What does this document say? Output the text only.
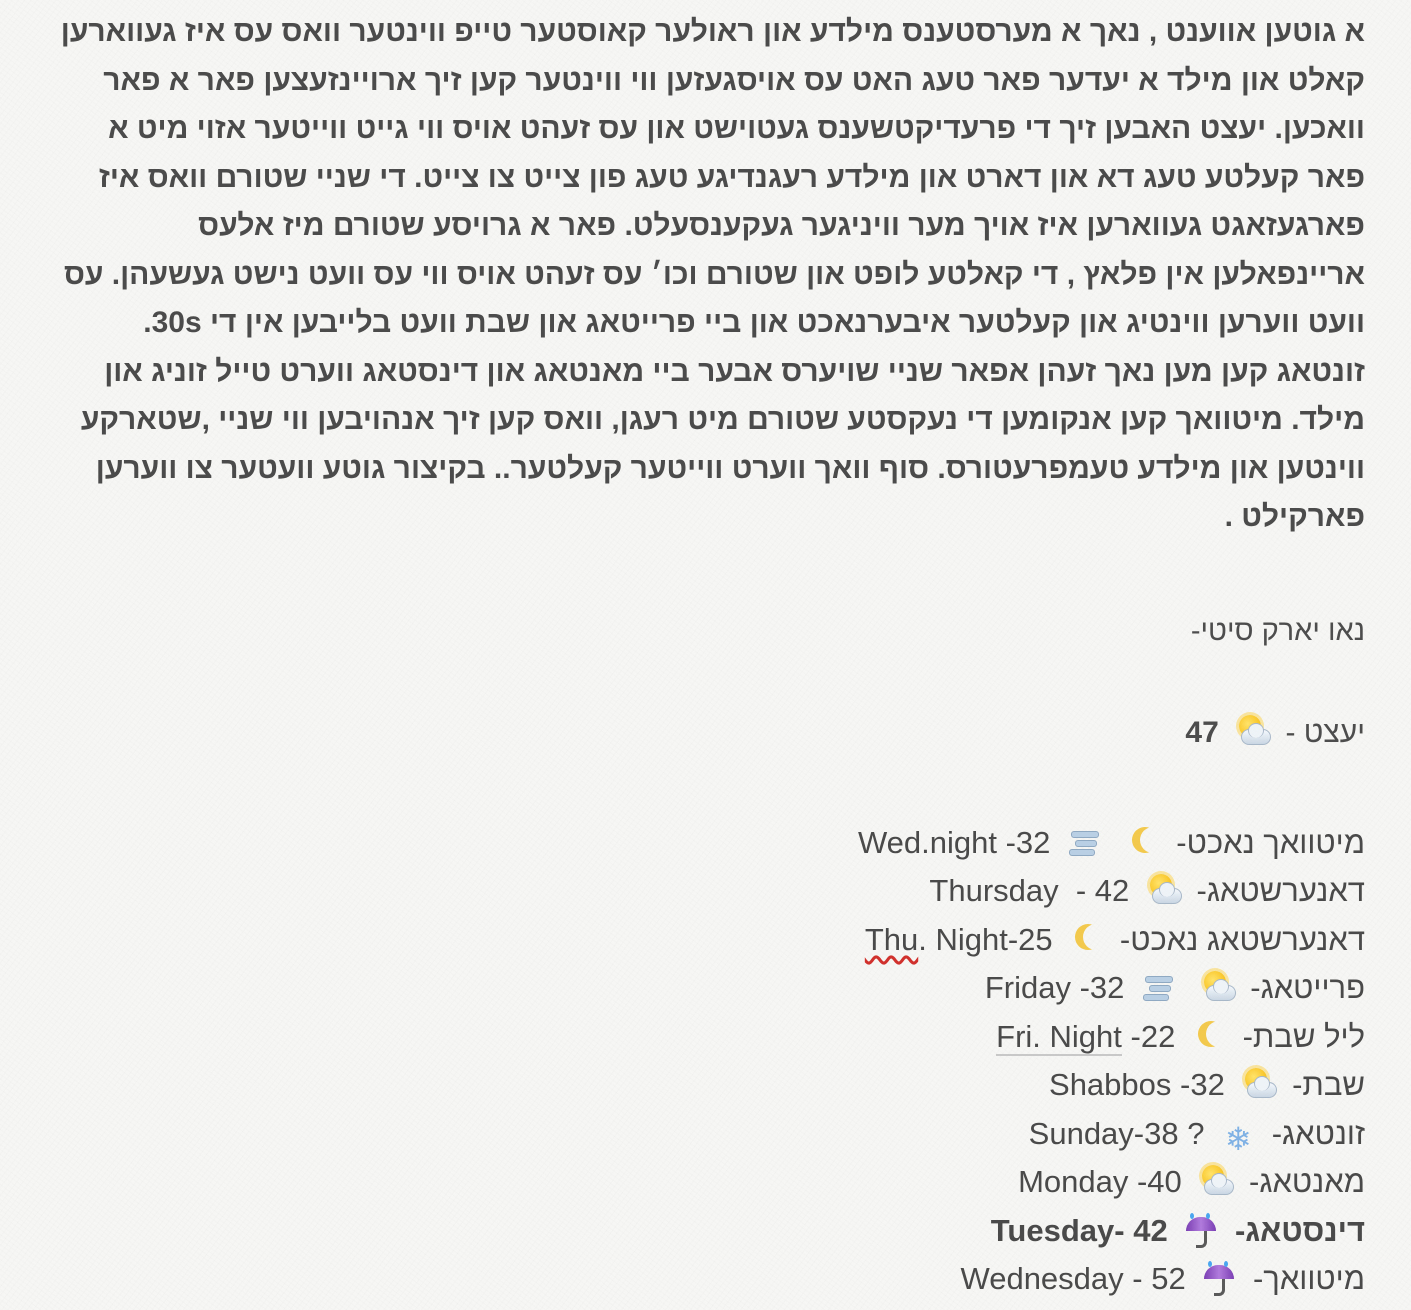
א גוטען אווענט , נאך א מערסטענס מילדע און ראולער קאוסטער טייפ ווינטער וואס עס איז געווארען
קאלט און מילד א יעדער פאר טעג האט עס אויסגעזען ווי ווינטער קען זיך ארויינזעצען פאר א פאר
וואכען. יעצט האבען זיך די פרעדיקטשענס געטוישט און עס זעהט אויס ווי גייט ווייטער אזוי מיט א
פאר קעלטע טעג דא און דארט און מילדע רעגנדיגע טעג פון צייט צו צייט. די שניי שטורם וואס איז
פארגעזאגט געווארען איז אויך מער וויניגער געקענסעלט. פאר א גרויסע שטורם מיז אלעס
אריינפאלען אין פלאץ , די קאלטע לופט און שטורם וכו׳ עס זעהט אויס ווי עס וועט נישט געשעהן. עס
וועט ווערען ווינטיג און קעלטער איבערנאכט און ביי פרייטאג און שבת וועט בלייבען אין די 30s.
זונטאג קען מען נאך זעהן אפאר שניי שויערס אבער ביי מאנטאג און דינסטאג ווערט טייל זוניג און
מילד. מיטוואך קען אנקומען די נעקסטע שטורם מיט רעגן, וואס קען זיך אנהויבען ווי שניי ,שטארקע
ווינטען און מילדע טעמפרעטורס. סוף וואך ווערט ווייטער קעלטער.. בקיצור גוטע וועטער צו ווערען
פארקילט .
נאו יארק סיטי-
יעצט -
47
מיטוואך נאכט-

Wed.night -32
דאנערשטאג-
Thursday  - 42
דאנערשטאג נאכט-
Thu. Night-25
פרייטאג-

Friday -32
ליל שבת-
Fri. Night -22
שבת-
Shabbos -32
זונטאג- ❄ Sunday-38 ?
מאנטאג-
Monday -40
דינסטאג-
Tuesday- 42
מיטוואך-
Wednesday - 52
